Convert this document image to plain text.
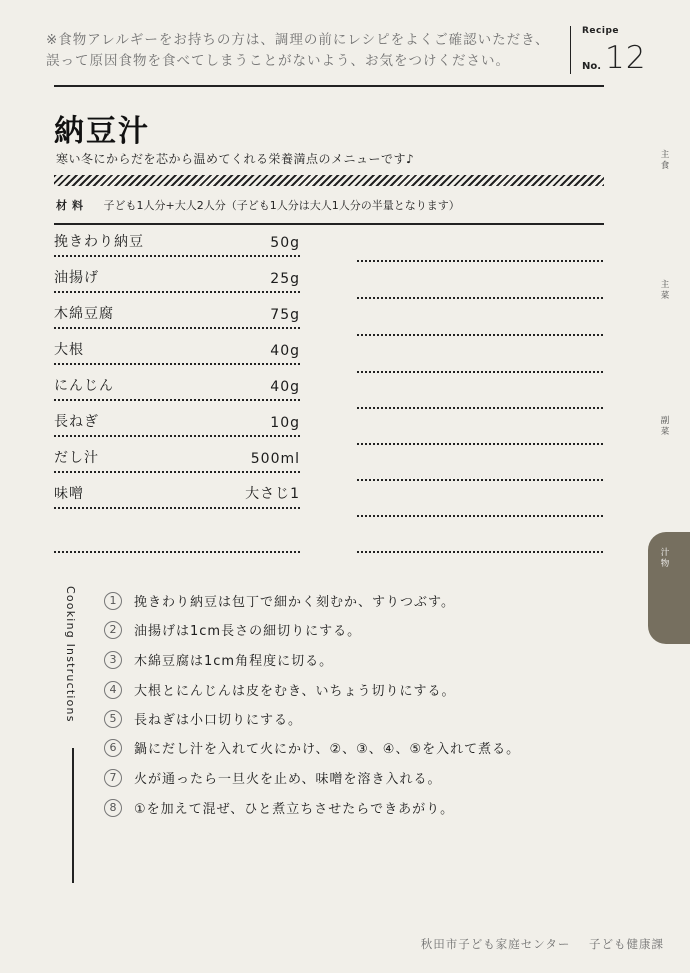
※食物アレルギーをお持ちの方は、調理の前にレシピをよくご確認いただき、
誤って原因食物を食べてしまうことがないよう、お気をつけください。
Recipe
No. 12
納豆汁
寒い冬にからだを芯から温めてくれる栄養満点のメニューです♪
材料 子ども1人分+大人2人分（子ども1人分は大人1人分の半量となります）
挽きわり納豆	50g
油揚げ	25g
木綿豆腐	75g
大根	40g
にんじん	40g
長ねぎ	10g
だし汁	500ml
味噌	大さじ1
主
食
主
菜
副
菜
汁
物
Cooking Instructions	1	挽きわり納豆は包丁で細かく刻むか、すりつぶす。
2	油揚げは1cm長さの細切りにする。
3	木綿豆腐は1cm角程度に切る。
4	大根とにんじんは皮をむき、いちょう切りにする。
5	長ねぎは小口切りにする。
6	鍋にだし汁を入れて火にかけ、②、③、④、⑤を入れて煮る。
7	火が通ったら一旦火を止め、味噌を溶き入れる。
8	①を加えて混ぜ、ひと煮立ちさせたらできあがり。
秋田市子ども家庭センター 子ども健康課
